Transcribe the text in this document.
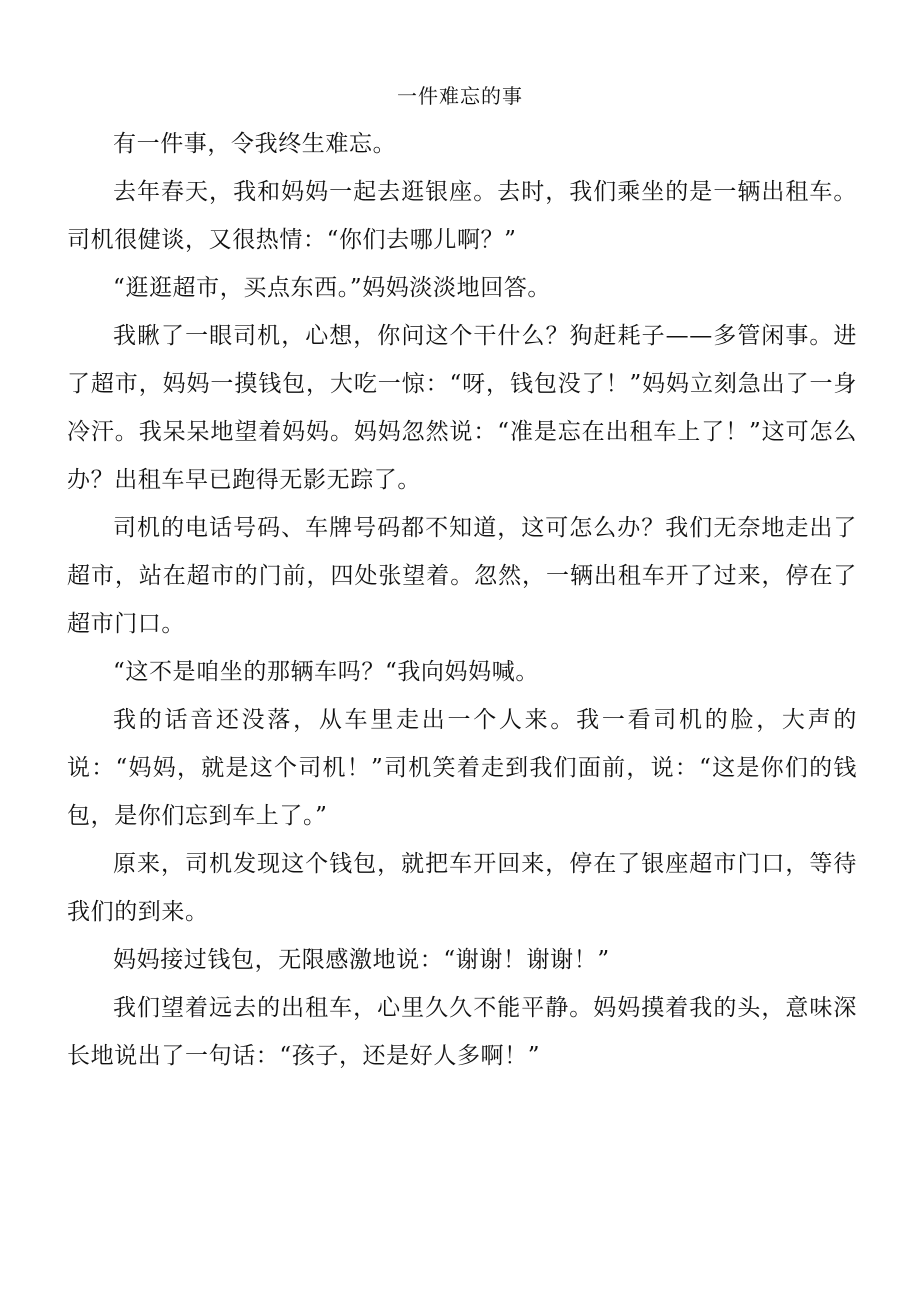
一件难忘的事

有一件事，令我终生难忘。

去年春天，我和妈妈一起去逛银座。去时，我们乘坐的是一辆出租车。司机很健谈，又很热情：“你们去哪儿啊？”

“逛逛超市，买点东西。”妈妈淡淡地回答。

我瞅了一眼司机，心想，你问这个干什么？狗赶耗子——多管闲事。进了超市，妈妈一摸钱包，大吃一惊：“呀，钱包没了！”妈妈立刻急出了一身冷汗。我呆呆地望着妈妈。妈妈忽然说：“准是忘在出租车上了！”这可怎么办？出租车早已跑得无影无踪了。

司机的电话号码、车牌号码都不知道，这可怎么办？我们无奈地走出了超市，站在超市的门前，四处张望着。忽然，一辆出租车开了过来，停在了超市门口。

“这不是咱坐的那辆车吗？“我向妈妈喊。

我的话音还没落，从车里走出一个人来。我一看司机的脸，大声的说：“妈妈，就是这个司机！”司机笑着走到我们面前，说：“这是你们的钱包，是你们忘到车上了。”

原来，司机发现这个钱包，就把车开回来，停在了银座超市门口，等待我们的到来。

妈妈接过钱包，无限感激地说：“谢谢！谢谢！”

我们望着远去的出租车，心里久久不能平静。妈妈摸着我的头，意味深长地说出了一句话：“孩子，还是好人多啊！”
